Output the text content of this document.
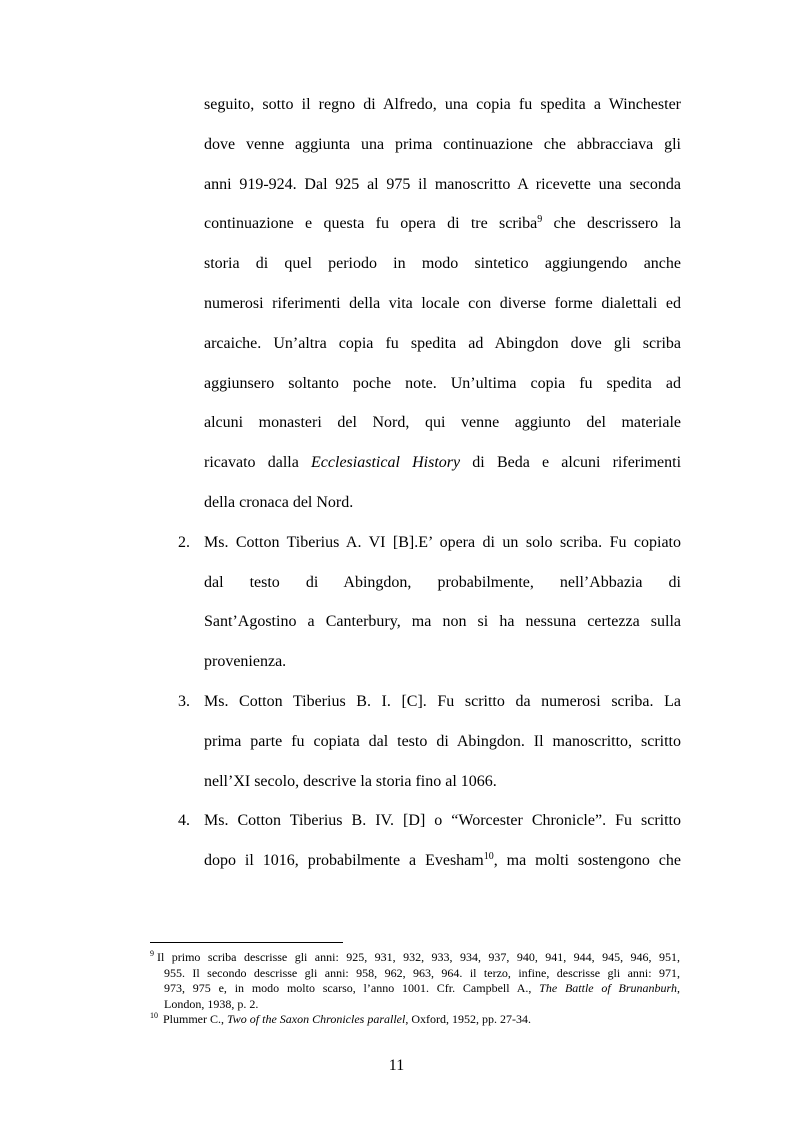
seguito, sotto il regno di Alfredo, una copia fu spedita a Winchester
dove venne aggiunta una prima continuazione che abbracciava gli
anni 919-924. Dal 925 al 975 il manoscritto A ricevette una seconda
continuazione e questa fu opera di tre scriba$^9$ che descrissero la
storia di quel periodo in modo sintetico aggiungendo anche
numerosi riferimenti della vita locale con diverse forme dialettali ed
arcaiche. Un’altra copia fu spedita ad Abingdon dove gli scriba
aggiunsero soltanto poche note. Un’ultima copia fu spedita ad
alcuni monasteri del Nord, qui venne aggiunto del materiale
ricavato dalla Ecclesiastical History di Beda e alcuni riferimenti
della cronaca del Nord.
2. Ms. Cotton Tiberius A. VI [B].E’ opera di un solo scriba. Fu copiato
dal testo di Abingdon, probabilmente, nell’Abbazia di
Sant’Agostino a Canterbury, ma non si ha nessuna certezza sulla
provenienza.
3. Ms. Cotton Tiberius B. I. [C]. Fu scritto da numerosi scriba. La
prima parte fu copiata dal testo di Abingdon. Il manoscritto, scritto
nell’XI secolo, descrive la storia fino al 1066.
4. Ms. Cotton Tiberius B. IV. [D] o “Worcester Chronicle”. Fu scritto
dopo il 1016, probabilmente a Evesham$^{10}$, ma molti sostengono che
9 Il primo scriba descrisse gli anni: 925, 931, 932, 933, 934, 937, 940, 941, 944, 945, 946, 951,
955. Il secondo descrisse gli anni: 958, 962, 963, 964. il terzo, infine, descrisse gli anni: 971,
973, 975 e, in modo molto scarso, l’anno 1001. Cfr. Campbell A., The Battle of Brunanburh,
London, 1938, p. 2.
10 Plummer C., Two of the Saxon Chronicles parallel, Oxford, 1952, pp. 27-34.
11
